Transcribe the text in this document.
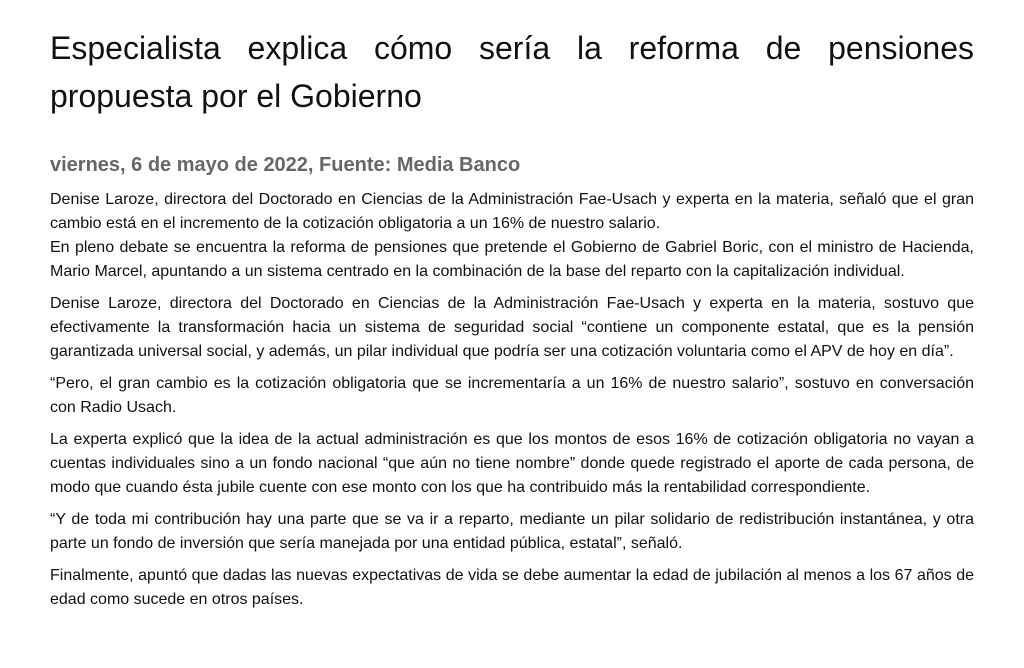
Especialista explica cómo sería la reforma de pensiones propuesta por el Gobierno
viernes, 6 de mayo de 2022, Fuente: Media Banco

Denise Laroze, directora del Doctorado en Ciencias de la Administración Fae-Usach y experta en la materia, señaló que el gran cambio está en el incremento de la cotización obligatoria a un 16% de nuestro salario.
En pleno debate se encuentra la reforma de pensiones que pretende el Gobierno de Gabriel Boric, con el ministro de Hacienda, Mario Marcel, apuntando a un sistema centrado en la combinación de la base del reparto con la capitalización individual.

Denise Laroze, directora del Doctorado en Ciencias de la Administración Fae-Usach y experta en la materia, sostuvo que efectivamente la transformación hacia un sistema de seguridad social “contiene un componente estatal, que es la pensión garantizada universal social, y además, un pilar individual que podría ser una cotización voluntaria como el APV de hoy en día”.

“Pero, el gran cambio es la cotización obligatoria que se incrementaría a un 16% de nuestro salario”, sostuvo en conversación con Radio Usach.

La experta explicó que la idea de la actual administración es que los montos de esos 16% de cotización obligatoria no vayan a cuentas individuales sino a un fondo nacional “que aún no tiene nombre” donde quede registrado el aporte de cada persona, de modo que cuando ésta jubile cuente con ese monto con los que ha contribuido más la rentabilidad correspondiente.

“Y de toda mi contribución hay una parte que se va ir a reparto, mediante un pilar solidario de redistribución instantánea, y otra parte un fondo de inversión que sería manejada por una entidad pública, estatal”, señaló.

Finalmente, apuntó que dadas las nuevas expectativas de vida se debe aumentar la edad de jubilación al menos a los 67 años de edad como sucede en otros países.
